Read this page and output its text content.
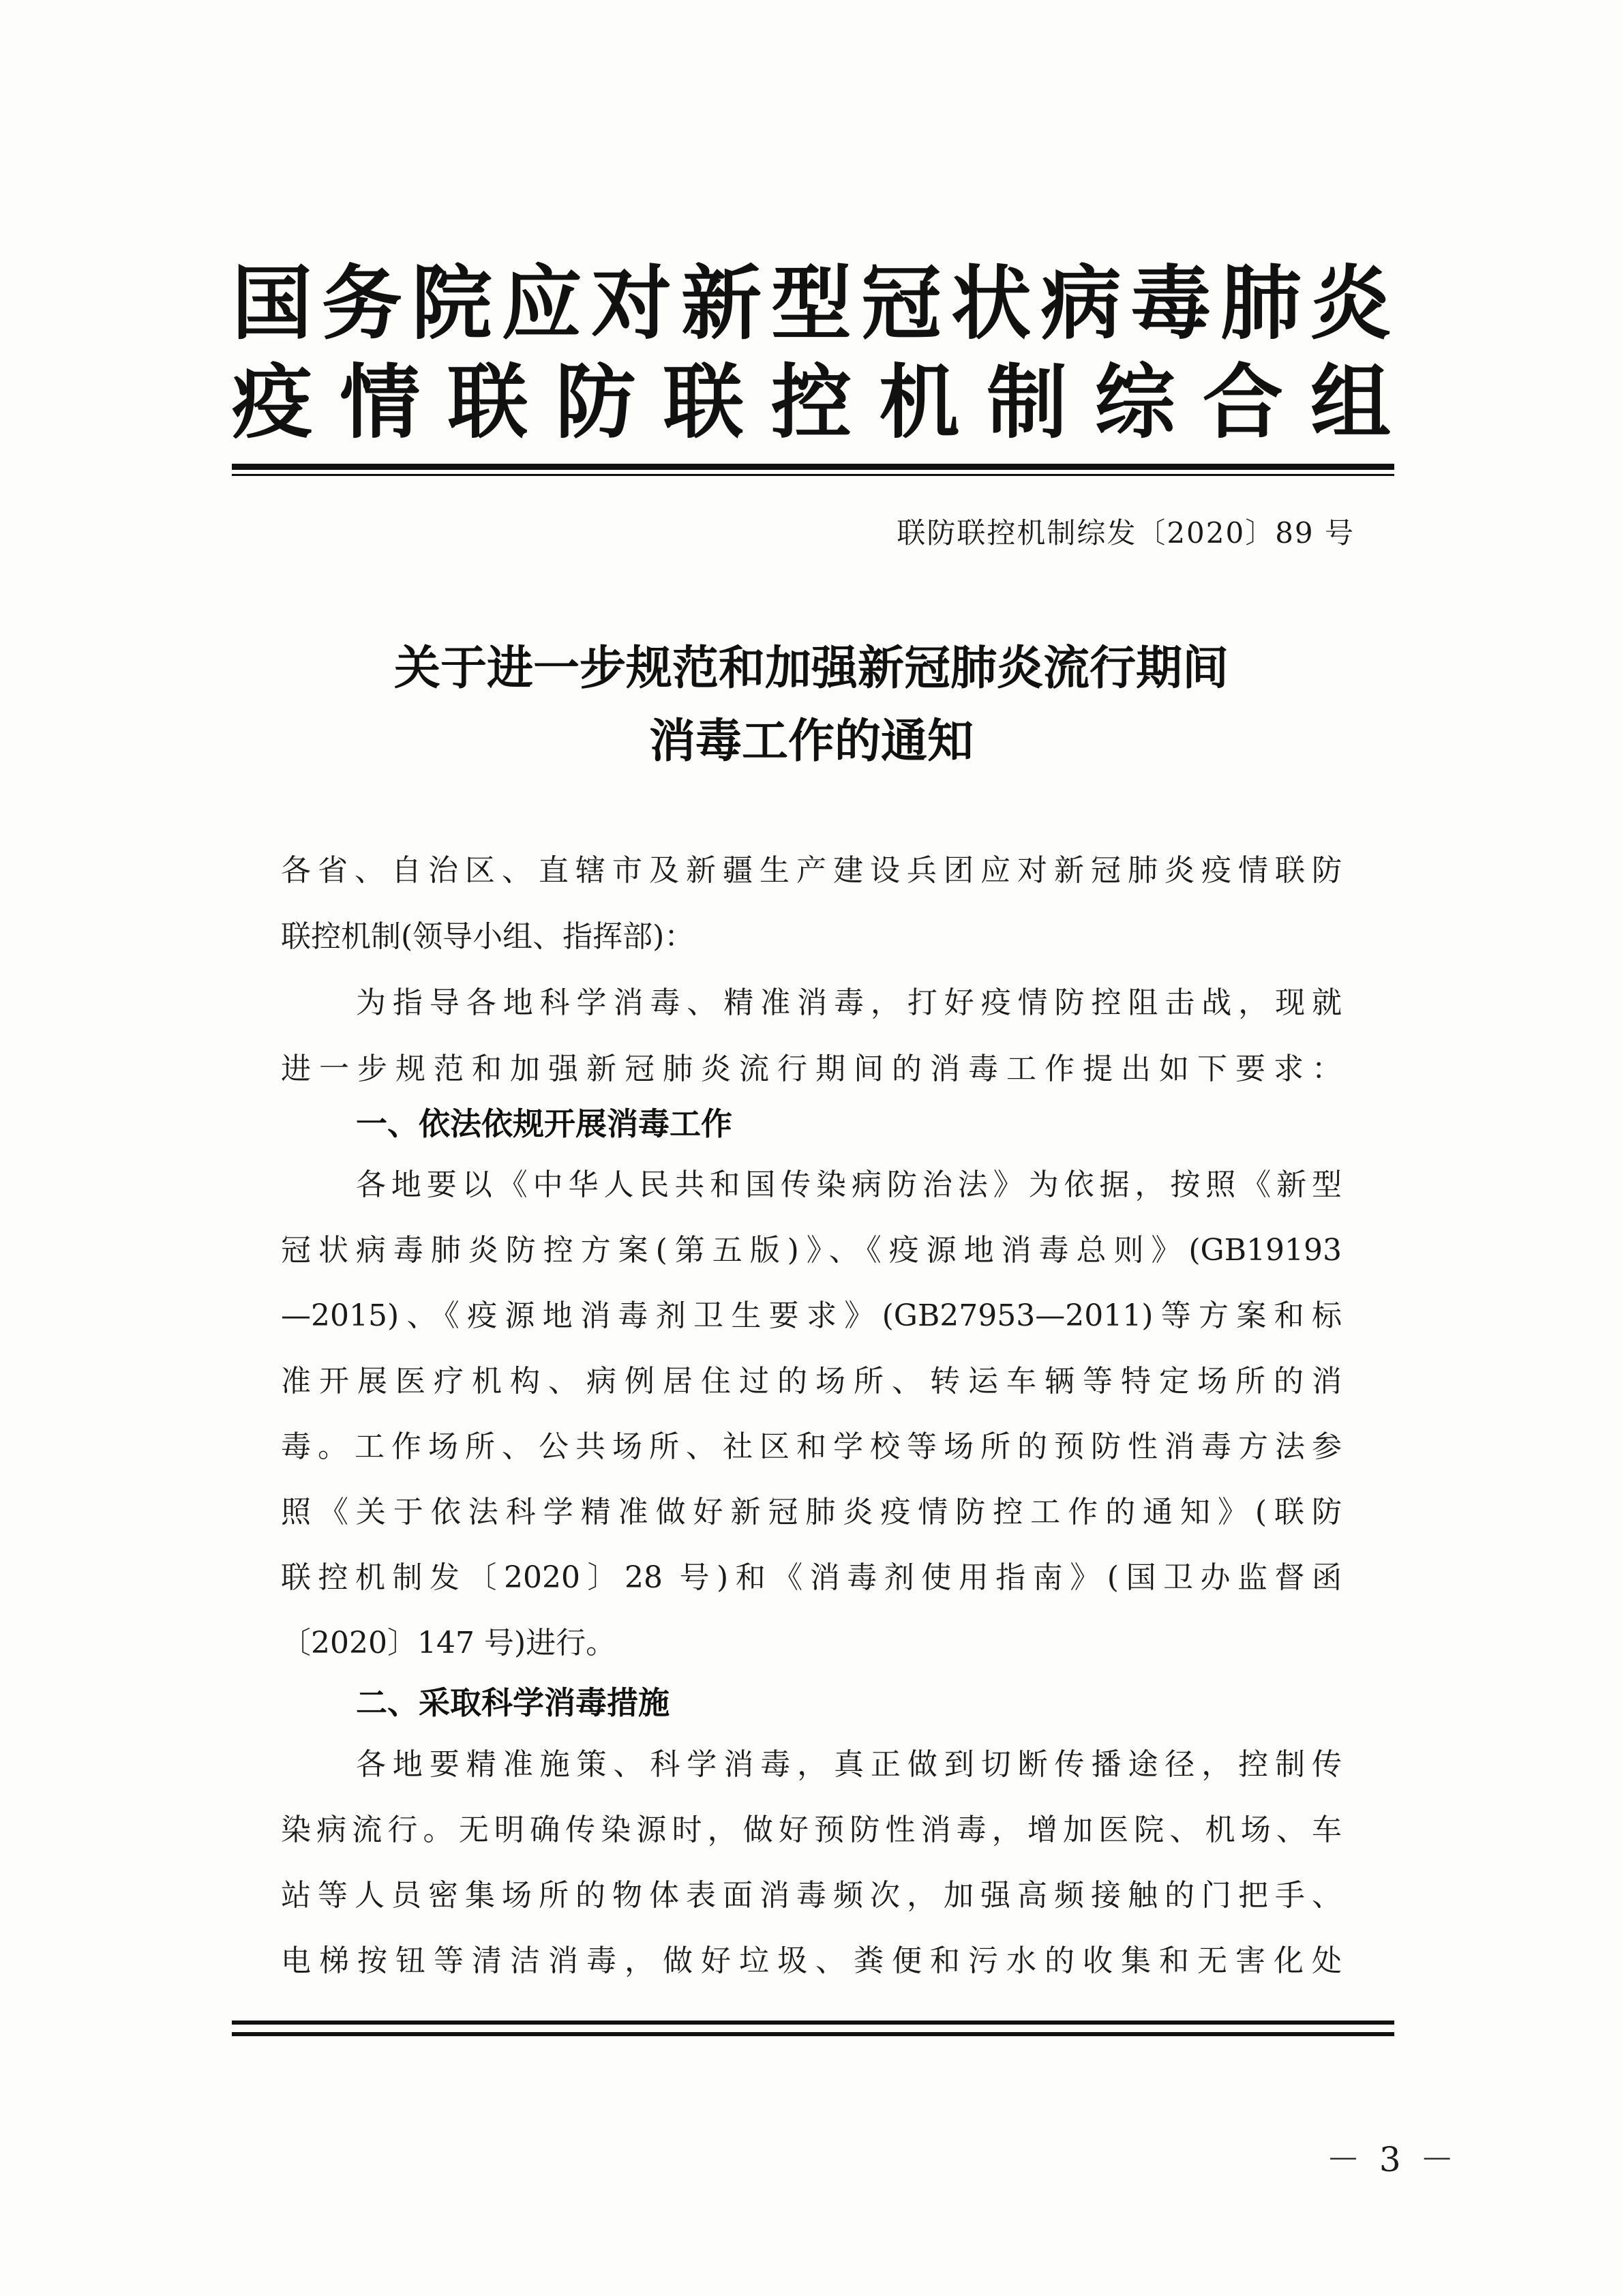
国务院应对新型冠状病毒肺炎
疫情联防联控机制综合组
联防联控机制综发〔2020〕89 号
关于进一步规范和加强新冠肺炎流行期间
消毒工作的通知
各省、自治区、直辖市及新疆生产建设兵团应对新冠肺炎疫情联防
联控机制(领导小组、指挥部)：
为指导各地科学消毒、精准消毒，打好疫情防控阻击战，现就
进一步规范和加强新冠肺炎流行期间的消毒工作提出如下要求：
一、依法依规开展消毒工作
各地要以《中华人民共和国传染病防治法》为依据，按照《新型
冠状病毒肺炎防控方案(第五版)》、《疫源地消毒总则》(GB19193
—2015)、《疫源地消毒剂卫生要求》(GB27953—2011)等方案和标
准开展医疗机构、病例居住过的场所、转运车辆等特定场所的消
毒。工作场所、公共场所、社区和学校等场所的预防性消毒方法参
照《关于依法科学精准做好新冠肺炎疫情防控工作的通知》(联防
联控机制发〔2020〕28 号)和《消毒剂使用指南》(国卫办监督函
〔2020〕147 号)进行。
二、采取科学消毒措施
各地要精准施策、科学消毒，真正做到切断传播途径，控制传
染病流行。无明确传染源时，做好预防性消毒，增加医院、机场、车
站等人员密集场所的物体表面消毒频次，加强高频接触的门把手、
电梯按钮等清洁消毒，做好垃圾、粪便和污水的收集和无害化处
－ 3 －
